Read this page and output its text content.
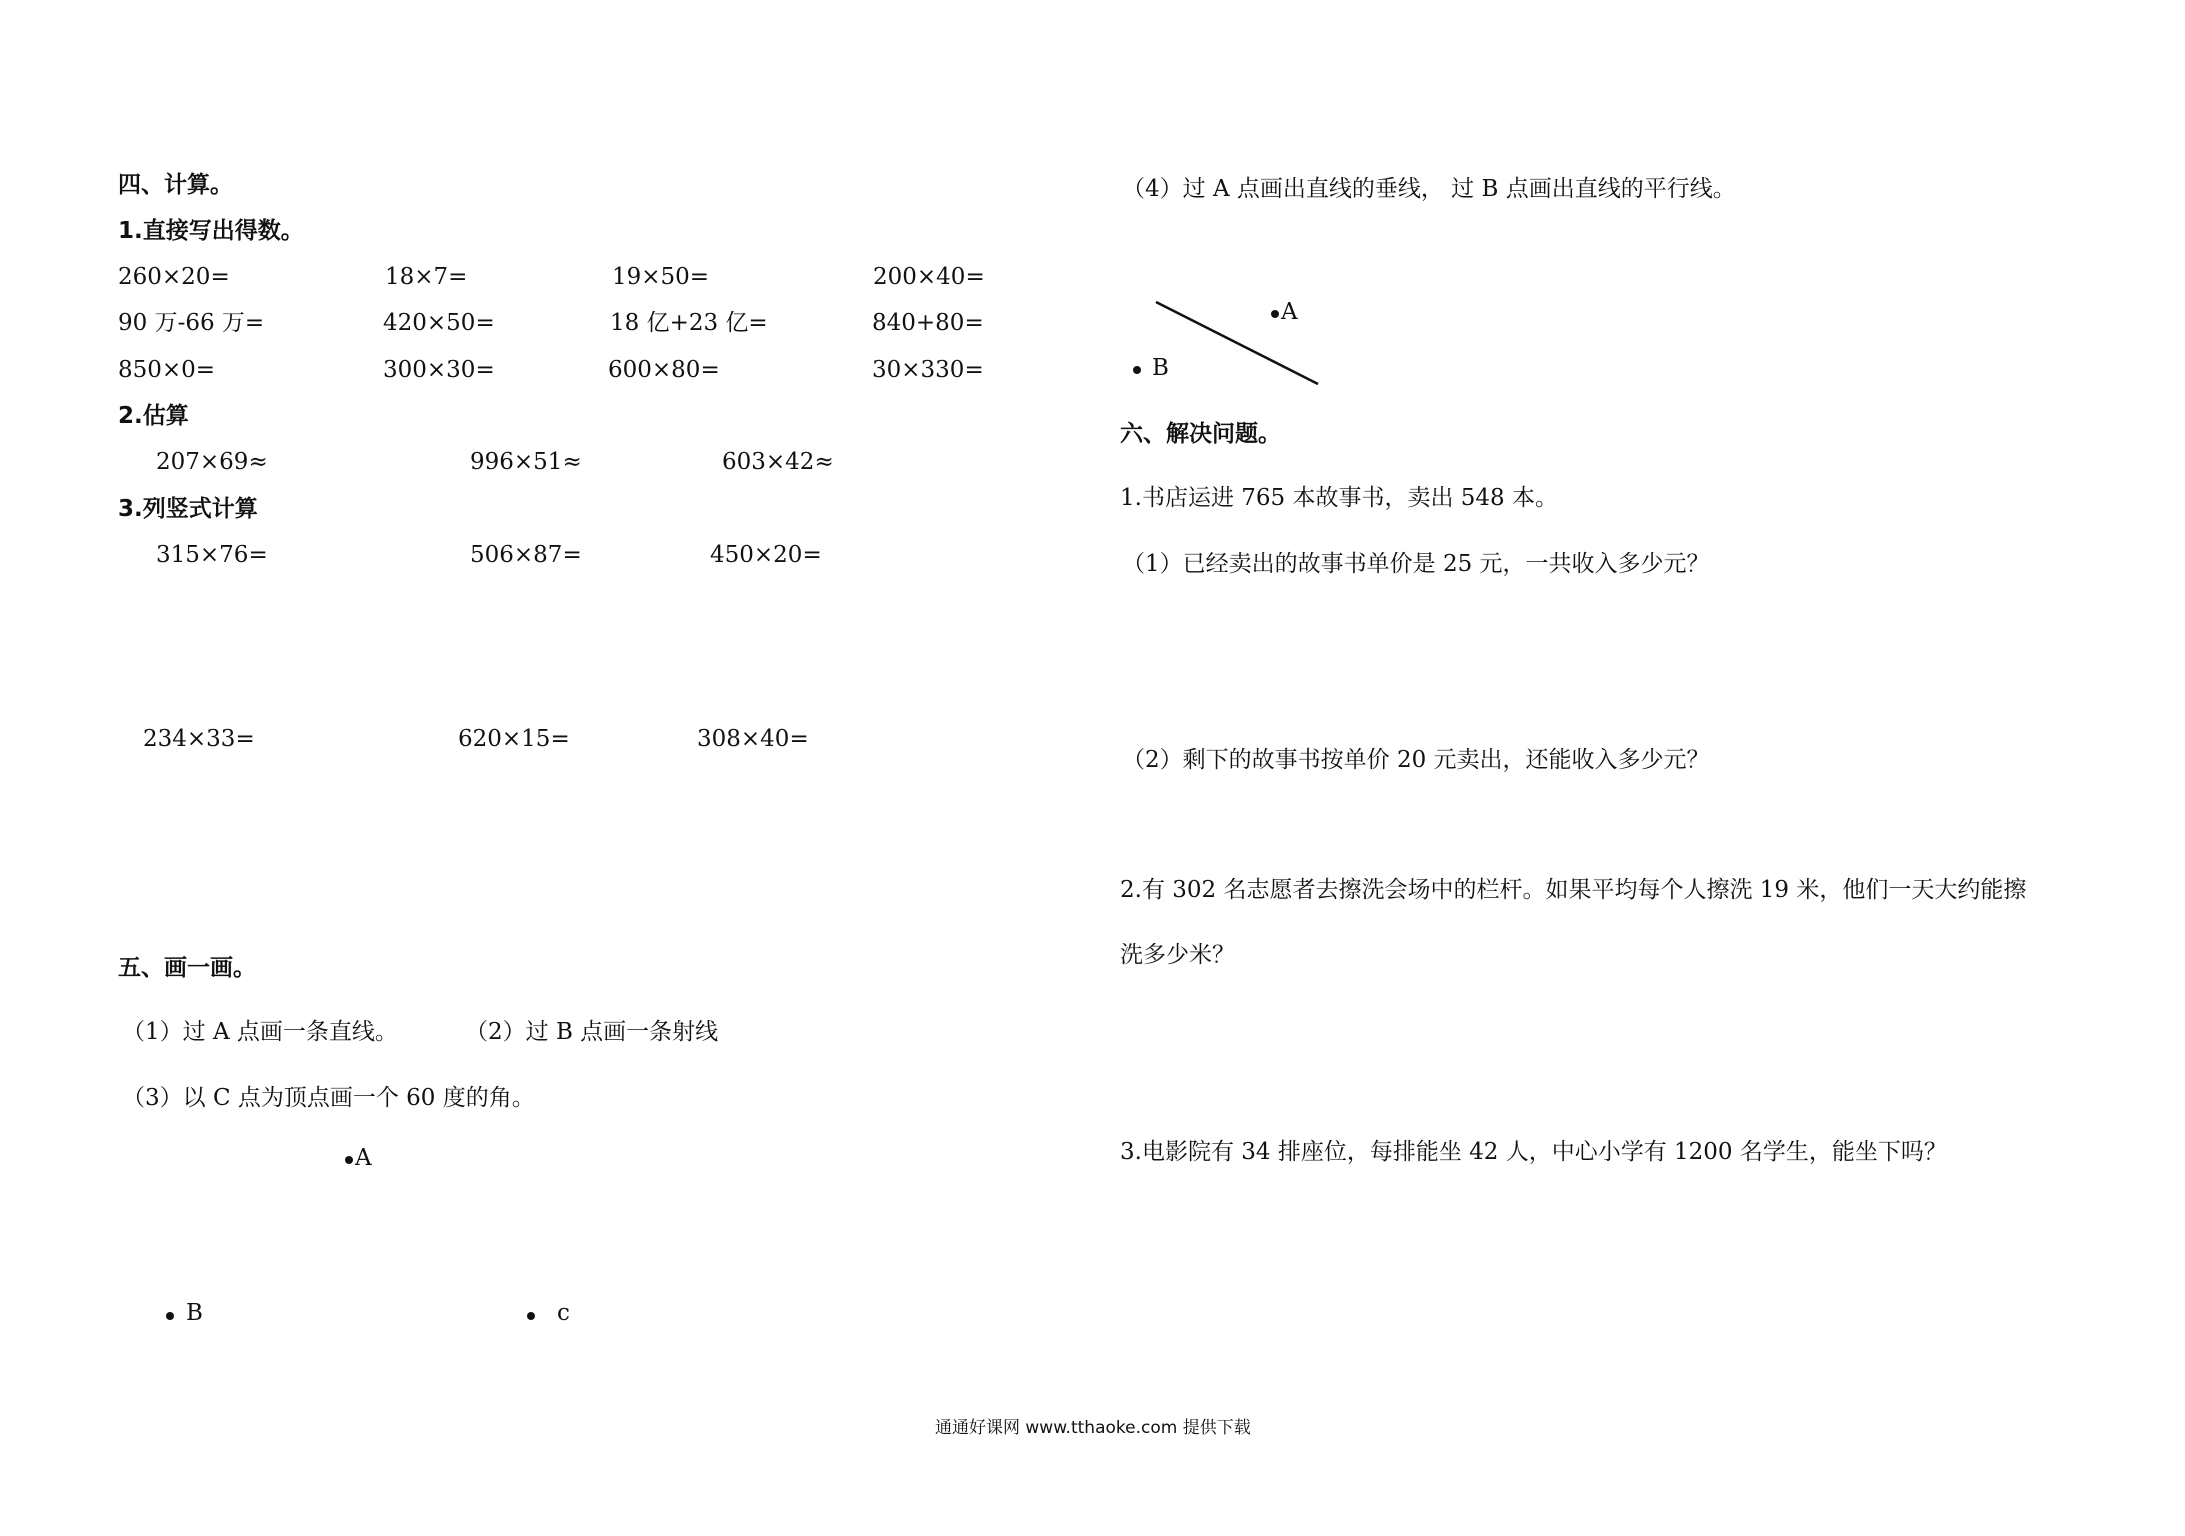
四、计算。
1.直接写出得数。
260×20=	18×7=	19×50=	200×40=
90 万-66 万=	420×50=	18 亿+23 亿=	840+80=
850×0=	300×30=	600×80=	30×330=
2.估算
207×69≈	996×51≈	603×42≈
3.列竖式计算
315×76=	506×87=	450×20=
234×33=	620×15=	308×40=
五、画一画。
（1）过 A 点画一条直线。	（2）过 B 点画一条射线
（3）以 C 点为顶点画一个 60 度的角。
A
B	c
（4）过 A 点画出直线的垂线， 过 B 点画出直线的平行线。
A
B
六、解决问题。
1.书店运进 765 本故事书，卖出 548 本。
（1）已经卖出的故事书单价是 25 元，一共收入多少元？
（2）剩下的故事书按单价 20 元卖出，还能收入多少元？
2.有 302 名志愿者去擦洗会场中的栏杆。如果平均每个人擦洗 19 米，他们一天大约能擦
洗多少米？
3.电影院有 34 排座位，每排能坐 42 人，中心小学有 1200 名学生，能坐下吗？
通通好课网 www.tthaoke.com 提供下载
